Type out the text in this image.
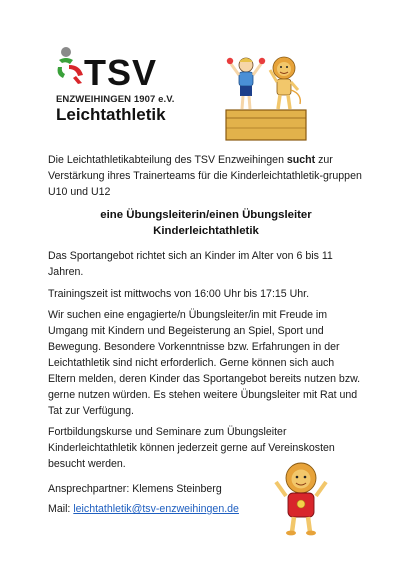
TSV
ENZWEIHINGEN 1907 e.V.
Leichtathletik
Die Leichtathletikabteilung des TSV Enzweihingen sucht zur Verstärkung ihres Trainerteams für die Kinderleichtathletik-gruppen U10 und U12
eine Übungsleiterin/einen Übungsleiter
Kinderleichtathletik
Das Sportangebot richtet sich an Kinder im Alter von 6 bis 11 Jahren.
Trainingszeit ist mittwochs von 16:00 Uhr bis 17:15 Uhr.
Wir suchen eine engagierte/n Übungsleiter/in mit Freude im Umgang mit Kindern und Begeisterung an Spiel, Sport und Bewegung. Besondere Vorkenntnisse bzw. Erfahrungen in der Leichtathletik sind nicht erforderlich. Gerne können sich auch Eltern melden, deren Kinder das Sportangebot bereits nutzen bzw. gerne nutzen würden. Es stehen weitere Übungsleiter mit Rat und Tat zur Verfügung.
Fortbildungskurse und Seminare zum Übungsleiter Kinderleichtathletik können jederzeit gerne auf Vereinskosten besucht werden.
Ansprechpartner: Klemens Steinberg
Mail: leichtathletik@tsv-enzweihingen.de
